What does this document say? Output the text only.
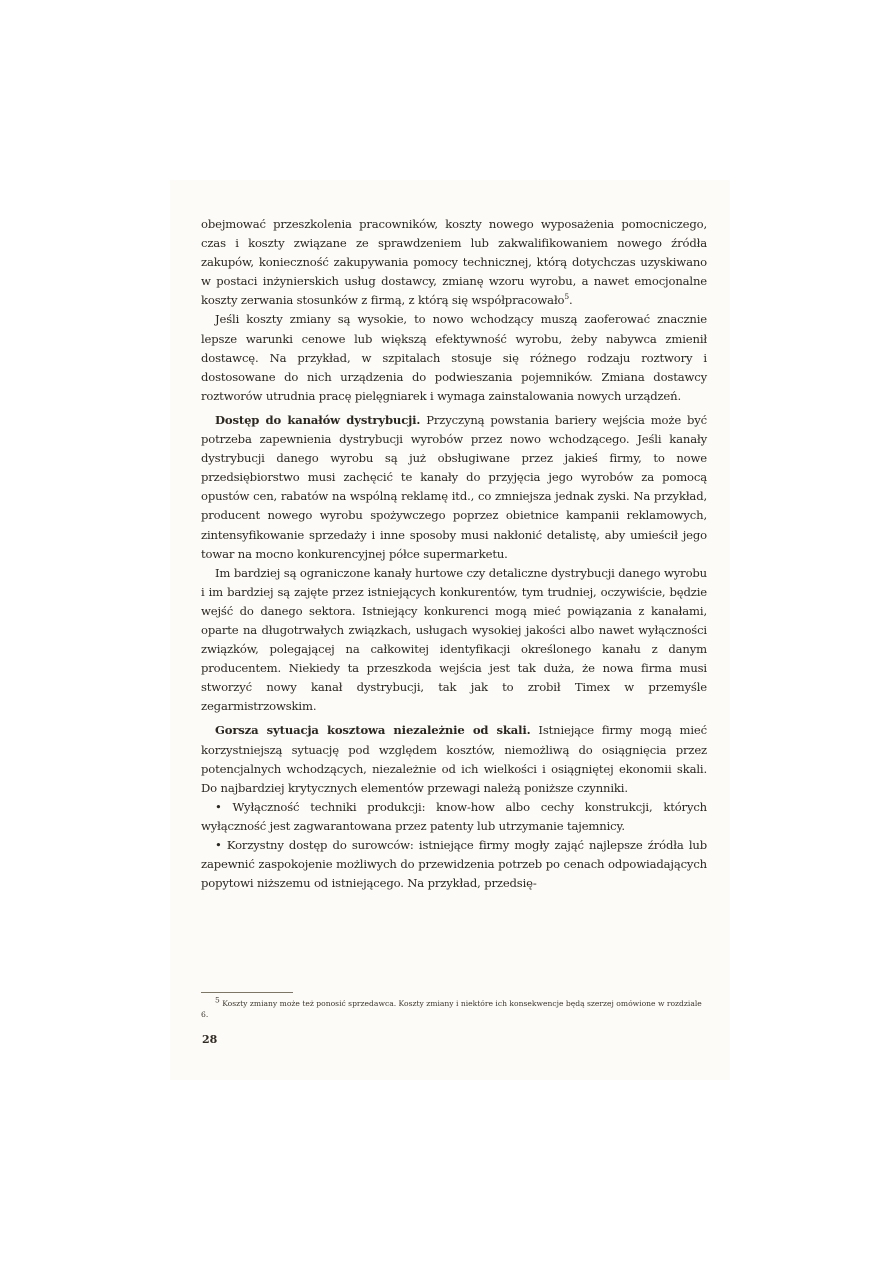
obejmować przeszkolenia pracowników, koszty nowego wyposażenia pomocniczego, czas i koszty związane ze sprawdzeniem lub zakwalifikowaniem nowego źródła zakupów, konieczność zakupywania pomocy technicznej, którą dotychczas uzyskiwano w postaci inżynierskich usług dostawcy, zmianę wzoru wyrobu, a nawet emocjonalne koszty zerwania stosunków z firmą, z którą się współpracowało$^5$.

Jeśli koszty zmiany są wysokie, to nowo wchodzący muszą zaoferować znacznie lepsze warunki cenowe lub większą efektywność wyrobu, żeby nabywca zmienił dostawcę. Na przykład, w szpitalach stosuje się różnego rodzaju roztwory i dostosowane do nich urządzenia do podwieszania pojemników. Zmiana dostawcy roztworów utrudnia pracę pielęgniarek i wymaga zainstalowania nowych urządzeń.

Dostęp do kanałów dystrybucji. Przyczyną powstania bariery wejścia może być potrzeba zapewnienia dystrybucji wyrobów przez nowo wchodzącego. Jeśli kanały dystrybucji danego wyrobu są już obsługiwane przez jakieś firmy, to nowe przedsiębiorstwo musi zachęcić te kanały do przyjęcia jego wyrobów za pomocą opustów cen, rabatów na wspólną reklamę itd., co zmniejsza jednak zyski. Na przykład, producent nowego wyrobu spożywczego poprzez obietnice kampanii reklamowych, zintensyfikowanie sprzedaży i inne sposoby musi nakłonić detalistę, aby umieścił jego towar na mocno konkurencyjnej półce supermarketu.

Im bardziej są ograniczone kanały hurtowe czy detaliczne dystrybucji danego wyrobu i im bardziej są zajęte przez istniejących konkurentów, tym trudniej, oczywiście, będzie wejść do danego sektora. Istniejący konkurenci mogą mieć powiązania z kanałami, oparte na długotrwałych związkach, usługach wysokiej jakości albo nawet wyłączności związków, polegającej na całkowitej identyfikacji określonego kanału z danym producentem. Niekiedy ta przeszkoda wejścia jest tak duża, że nowa firma musi stworzyć nowy kanał dystrybucji, tak jak to zrobił Timex w przemyśle zegarmistrzowskim.

Gorsza sytuacja kosztowa niezależnie od skali. Istniejące firmy mogą mieć korzystniejszą sytuację pod względem kosztów, niemożliwą do osiągnięcia przez potencjalnych wchodzących, niezależnie od ich wielkości i osiągniętej ekonomii skali. Do najbardziej krytycznych elementów przewagi należą poniższe czynniki.

• Wyłączność techniki produkcji: know-how albo cechy konstrukcji, których wyłączność jest zagwarantowana przez patenty lub utrzymanie tajemnicy.

• Korzystny dostęp do surowców: istniejące firmy mogły zająć najlepsze źródła lub zapewnić zaspokojenie możliwych do przewidzenia potrzeb po cenach odpowiadających popytowi niższemu od istniejącego. Na przykład, przedsię-

$^5$ Koszty zmiany może też ponosić sprzedawca. Koszty zmiany i niektóre ich konsekwencje będą szerzej omówione w rozdziale 6.
28
